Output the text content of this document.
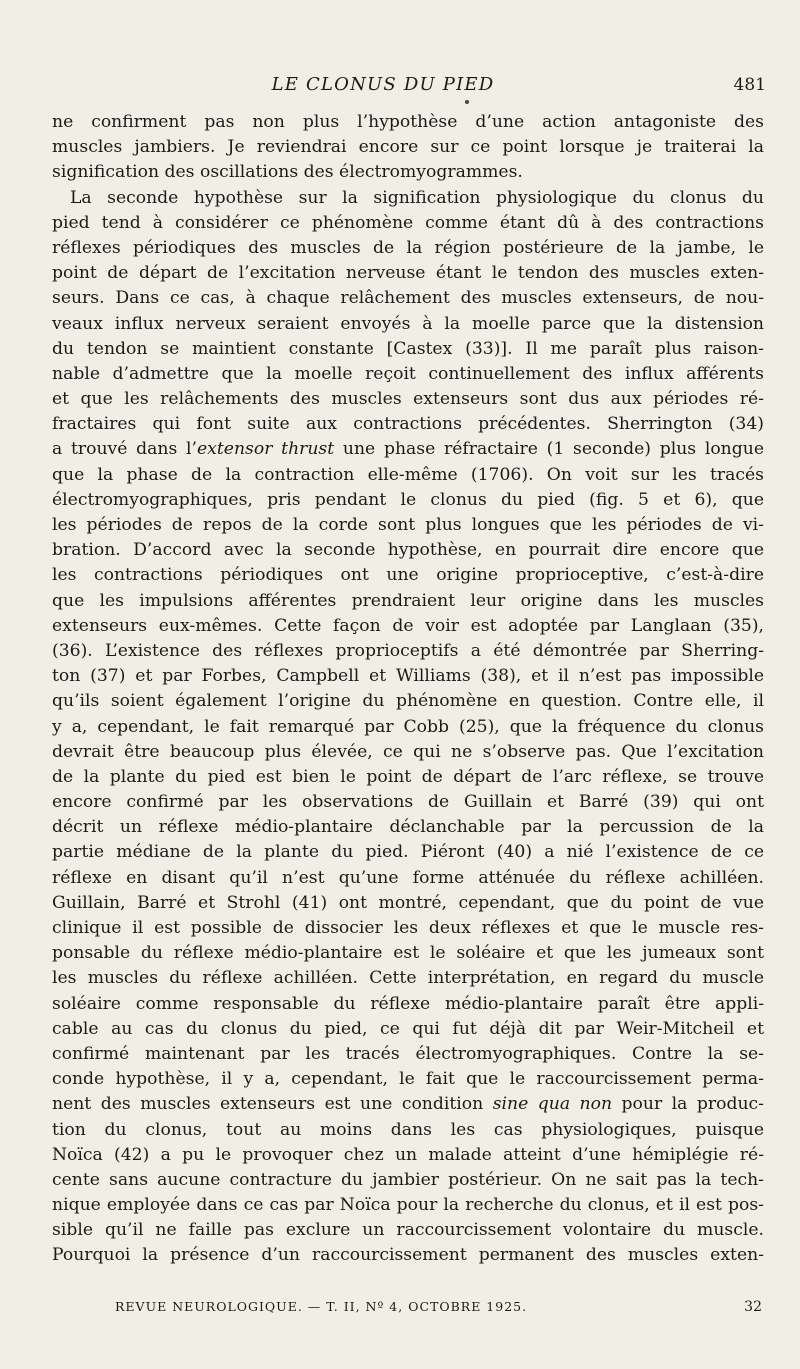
LE CLONUS DU PIED	481
ne confirment pas non plus l’hypothèse d’une action antagoniste des
muscles jambiers. Je reviendrai encore sur ce point lorsque je traiterai la
signification des oscillations des électromyogrammes.
La seconde hypothèse sur la signification physiologique du clonus du
pied tend à considérer ce phénomène comme étant dû à des contractions
réflexes périodiques des muscles de la région postérieure de la jambe, le
point de départ de l’excitation nerveuse étant le tendon des muscles exten-
seurs. Dans ce cas, à chaque relâchement des muscles extenseurs, de nou-
veaux influx nerveux seraient envoyés à la moelle parce que la distension
du tendon se maintient constante [Castex (33)]. Il me paraît plus raison-
nable d’admettre que la moelle reçoit continuellement des influx afférents
et que les relâchements des muscles extenseurs sont dus aux périodes ré-
fractaires qui font suite aux contractions précédentes. Sherrington (34)
a trouvé dans l’extensor thrust une phase réfractaire (1 seconde) plus longue
que la phase de la contraction elle-même (1706). On voit sur les tracés
électromyographiques, pris pendant le clonus du pied (fig. 5 et 6), que
les périodes de repos de la corde sont plus longues que les périodes de vi-
bration. D’accord avec la seconde hypothèse, en pourrait dire encore que
les contractions périodiques ont une origine proprioceptive, c’est-à-dire
que les impulsions afférentes prendraient leur origine dans les muscles
extenseurs eux-mêmes. Cette façon de voir est adoptée par Langlaan (35),
(36). L’existence des réflexes proprioceptifs a été démontrée par Sherring-
ton (37) et par Forbes, Campbell et Williams (38), et il n’est pas impossible
qu’ils soient également l’origine du phénomène en question. Contre elle, il
y a, cependant, le fait remarqué par Cobb (25), que la fréquence du clonus
devrait être beaucoup plus élevée, ce qui ne s’observe pas. Que l’excitation
de la plante du pied est bien le point de départ de l’arc réflexe, se trouve
encore confirmé par les observations de Guillain et Barré (39) qui ont
décrit un réflexe médio-plantaire déclanchable par la percussion de la
partie médiane de la plante du pied. Piéront (40) a nié l’existence de ce
réflexe en disant qu’il n’est qu’une forme atténuée du réflexe achilléen.
Guillain, Barré et Strohl (41) ont montré, cependant, que du point de vue
clinique il est possible de dissocier les deux réflexes et que le muscle res-
ponsable du réflexe médio-plantaire est le soléaire et que les jumeaux sont
les muscles du réflexe achilléen. Cette interprétation, en regard du muscle
soléaire comme responsable du réflexe médio-plantaire paraît être appli-
cable au cas du clonus du pied, ce qui fut déjà dit par Weir-Mitcheil et
confirmé maintenant par les tracés électromyographiques. Contre la se-
conde hypothèse, il y a, cependant, le fait que le raccourcissement perma-
nent des muscles extenseurs est une condition sine qua non pour la produc-
tion du clonus, tout au moins dans les cas physiologiques, puisque
Noïca (42) a pu le provoquer chez un malade atteint d’une hémiplégie ré-
cente sans aucune contracture du jambier postérieur. On ne sait pas la tech-
nique employée dans ce cas par Noïca pour la recherche du clonus, et il est pos-
sible qu’il ne faille pas exclure un raccourcissement volontaire du muscle.
Pourquoi la présence d’un raccourcissement permanent des muscles exten-
REVUE NEUROLOGIQUE. — T. II, Nº 4, OCTOBRE 1925.	32
